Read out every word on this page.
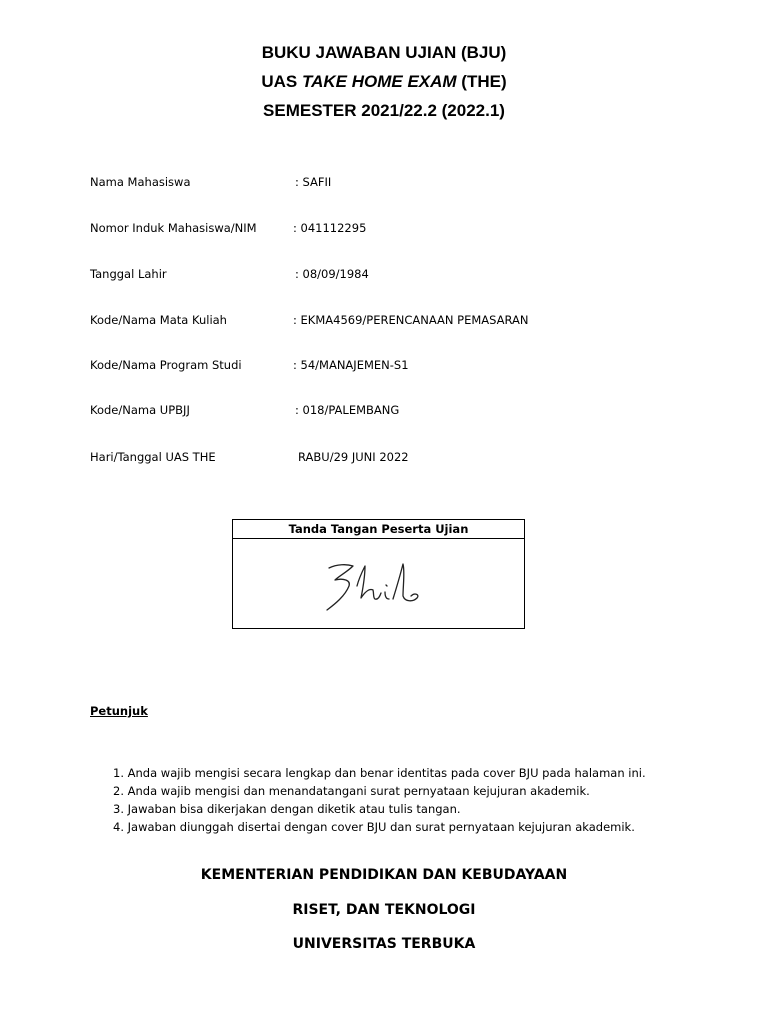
BUKU JAWABAN UJIAN (BJU)
UAS TAKE HOME EXAM (THE)
SEMESTER 2021/22.2 (2022.1)
Nama Mahasiswa	: SAFII
Nomor Induk Mahasiswa/NIM	: 041112295
Tanggal Lahir	: 08/09/1984
Kode/Nama Mata Kuliah	: EKMA4569/PERENCANAAN PEMASARAN
Kode/Nama Program Studi	: 54/MANAJEMEN-S1
Kode/Nama UPBJJ	: 018/PALEMBANG
Hari/Tanggal UAS THE	RABU/29 JUNI 2022
Tanda Tangan Peserta Ujian
Petunjuk
1. Anda wajib mengisi secara lengkap dan benar identitas pada cover BJU pada halaman ini.
2. Anda wajib mengisi dan menandatangani surat pernyataan kejujuran akademik.
3. Jawaban bisa dikerjakan dengan diketik atau tulis tangan.
4. Jawaban diunggah disertai dengan cover BJU dan surat pernyataan kejujuran akademik.
KEMENTERIAN PENDIDIKAN DAN KEBUDAYAAN
RISET, DAN TEKNOLOGI
UNIVERSITAS TERBUKA
